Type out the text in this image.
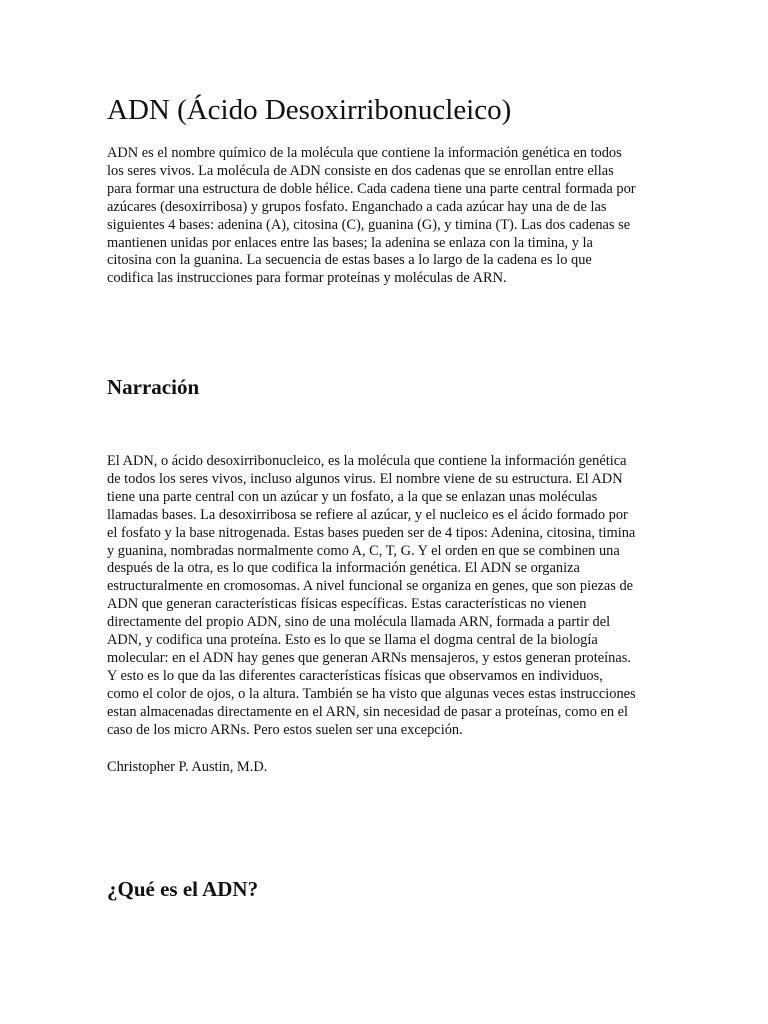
ADN (Ácido Desoxirribonucleico)

ADN es el nombre químico de la molécula que contiene la información genética en todos
los seres vivos. La molécula de ADN consiste en dos cadenas que se enrollan entre ellas
para formar una estructura de doble hélice. Cada cadena tiene una parte central formada por
azúcares (desoxirribosa) y grupos fosfato. Enganchado a cada azúcar hay una de de las
siguientes 4 bases: adenina (A), citosina (C), guanina (G), y timina (T). Las dos cadenas se
mantienen unidas por enlaces entre las bases; la adenina se enlaza con la timina, y la
citosina con la guanina. La secuencia de estas bases a lo largo de la cadena es lo que
codifica las instrucciones para formar proteínas y moléculas de ARN.

Narración

El ADN, o ácido desoxirribonucleico, es la molécula que contiene la información genética
de todos los seres vivos, incluso algunos virus. El nombre viene de su estructura. El ADN
tiene una parte central con un azúcar y un fosfato, a la que se enlazan unas moléculas
llamadas bases. La desoxirribosa se refiere al azúcar, y el nucleico es el ácido formado por
el fosfato y la base nitrogenada. Estas bases pueden ser de 4 tipos: Adenina, citosina, timina
y guanina, nombradas normalmente como A, C, T, G. Y el orden en que se combinen una
después de la otra, es lo que codifica la información genética. El ADN se organiza
estructuralmente en cromosomas. A nivel funcional se organiza en genes, que son piezas de
ADN que generan características físicas específicas. Estas características no vienen
directamente del propio ADN, sino de una molécula llamada ARN, formada a partir del
ADN, y codifica una proteína. Esto es lo que se llama el dogma central de la biología
molecular: en el ADN hay genes que generan ARNs mensajeros, y estos generan proteínas.
Y esto es lo que da las diferentes características físicas que observamos en individuos,
como el color de ojos, o la altura. También se ha visto que algunas veces estas instrucciones
estan almacenadas directamente en el ARN, sin necesidad de pasar a proteínas, como en el
caso de los micro ARNs. Pero estos suelen ser una excepción.

Christopher P. Austin, M.D.

¿Qué es el ADN?
